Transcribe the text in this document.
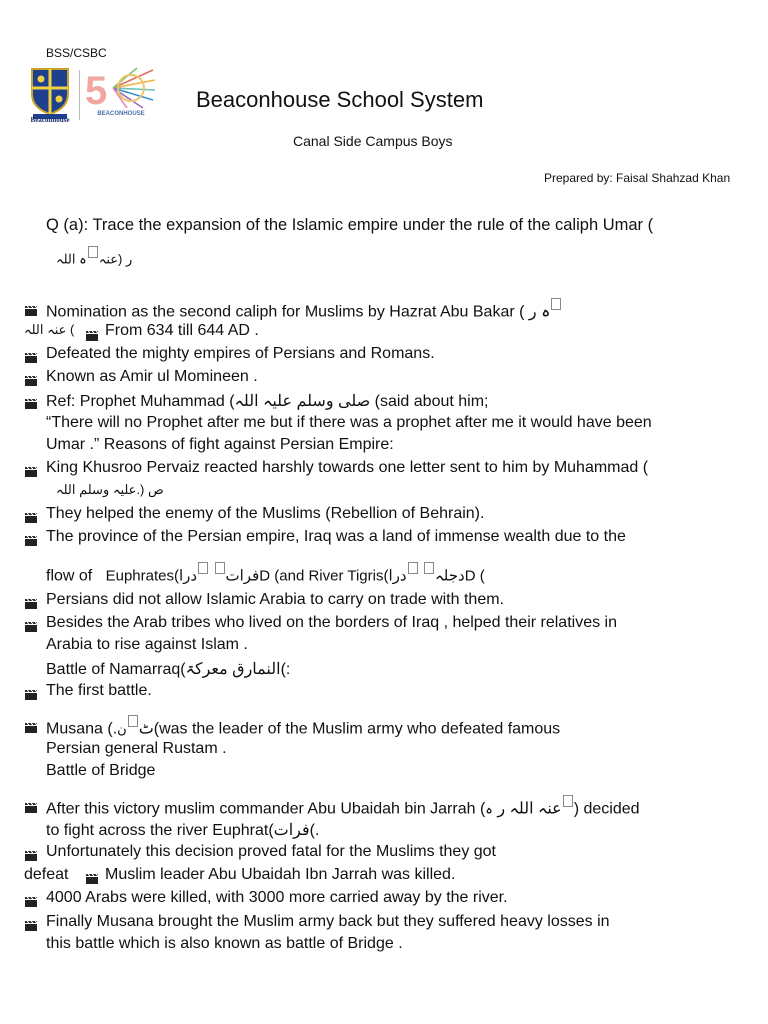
BSS/CSBC
Beaconhouse
5
BEACONHOUSE
Beaconhouse School System
Canal Side Campus Boys
Prepared by: Faisal Shahzad Khan
Q (a): Trace the expansion of the Islamic empire under the rule of the caliph Umar (
ر (عنہہ اللہ
Nomination as the second caliph for Muslims by Hazrat Abu Bakar ( ہ ر
عنہ اللہ ( From 634 till 644 AD .
Defeated the mighty empires of Persians and Romans.
Known as Amir ul Momineen .
Ref: Prophet Muhammad (صلی وسلم علیہ اللہ (said about him;
“There will no Prophet after me but if there was a prophet after me it would have been
Umar .” Reasons of fight against Persian Empire:
King Khusroo Pervaiz reacted harshly towards one letter sent to him by Muhammad (
ص (.علیہ وسلم اللہ
They helped the enemy of the Muslims (Rebellion of Behrain).
The province of the Persian empire, Iraq was a land of immense wealth due to the
flow of Euphrates(فرات دراD (and River Tigris(دجلہ دراD (
Persians did not allow Islamic Arabia to carry on trade with them.
Besides the Arab tribes who lived on the borders of Iraq , helped their relatives in
Arabia to rise against Islam .
Battle of Namarraq(النمارق معرکۃ(:
The first battle.
Musana (.ٹن (was the leader of the Muslim army who defeated famous
Persian general Rustam .
Battle of Bridge
After this victory muslim commander Abu Ubaidah bin Jarrah (عنہ اللہ ر ہ	) decided
to fight across the river Euphrat(فرات(.
Unfortunately this decision proved fatal for the Muslims they got
defeat Muslim leader Abu Ubaidah Ibn Jarrah was killed.
4000 Arabs were killed, with 3000 more carried away by the river.
Finally Musana brought the Muslim army back but they suffered heavy losses in
this battle which is also known as battle of Bridge .
